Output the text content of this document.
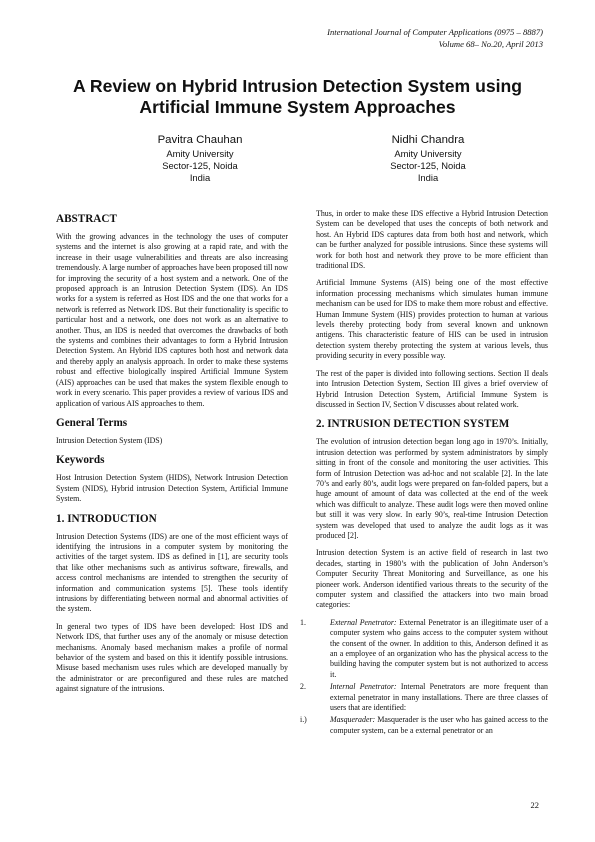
International Journal of Computer Applications (0975 – 8887)
Volume 68– No.20, April 2013
A Review on Hybrid Intrusion Detection System using Artificial Immune System Approaches
Pavitra Chauhan
Amity University
Sector-125, Noida
India
Nidhi Chandra
Amity University
Sector-125, Noida
India
ABSTRACT

With the growing advances in the technology the uses of computer systems and the internet is also growing at a rapid rate, and with the increase in their usage vulnerabilities and threats are also increasing tremendously. A large number of approaches have been proposed till now for improving the security of a host system and a network. One of the proposed approach is an Intrusion Detection System (IDS). An IDS works for a system is referred as Host IDS and the one that works for a network is referred as Network IDS. But their functionality is specific to particular host and a network, one does not work as an alternative to another. Thus, an IDS is needed that overcomes the drawbacks of both the systems and combines their advantages to form a Hybrid Intrusion Detection System. An Hybrid IDS captures both host and network data and thereby apply an analysis approach. In order to make these systems robust and effective biologically inspired Artificial Immune System (AIS) approaches can be used that makes the system flexible enough to work in every scenario. This paper provides a review of various IDS and application of various AIS approaches to them.

General Terms

Intrusion Detection System (IDS)

Keywords

Host Intrusion Detection System (HIDS), Network Intrusion Detection System (NIDS), Hybrid intrusion Detection System, Artificial Immune System.

1. INTRODUCTION

Intrusion Detection Systems (IDS) are one of the most efficient ways of identifying the intrusions in a computer system by monitoring the activities of the target system. IDS as defined in [1], are security tools that like other mechanisms such as antivirus software, firewalls, and access control mechanisms are intended to strengthen the security of information and communication systems [5]. These tools identify intrusions by differentiating between normal and abnormal activities of the system.

In general two types of IDS have been developed: Host IDS and Network IDS, that further uses any of the anomaly or misuse detection mechanisms. Anomaly based mechanism makes a profile of normal behavior of the system and based on this it identify possible intrusions. Misuse based mechanism uses rules which are developed manually by the administrator or are preconfigured and these rules are matched against signature of the intrusions.

Thus, in order to make these IDS effective a Hybrid Intrusion Detection System can be developed that uses the concepts of both network and host. An Hybrid IDS captures data from both host and network, which can be further analyzed for possible intrusions. Since these systems will work for both host and network they prove to be more efficient than traditional IDS.

Artificial Immune Systems (AIS) being one of the most effective information processing mechanisms which simulates human immune mechanism can be used for IDS to make them more robust and effective. Human Immune System (HIS) provides protection to human at various levels thereby protecting body from several known and unknown antigens. This characteristic feature of HIS can be used in intrusion detection system thereby protecting the system at various levels, thus providing security in every possible way.

The rest of the paper is divided into following sections. Section II deals into Intrusion Detection System, Section III gives a brief overview of Hybrid Intrusion Detection System, Artificial Immune System is discussed in Section IV, Section V discusses about related work.

2. INTRUSION DETECTION SYSTEM

The evolution of intrusion detection began long ago in 1970’s. Initially, intrusion detection was performed by system administrators by simply sitting in front of the console and monitoring the user activities. This form of Intrusion Detection was ad-hoc and not scalable [2]. In the late 70’s and early 80’s, audit logs were prepared on fan-folded papers, but a huge amount of amount of data was collected at the end of the week which was difficult to analyze. These audit logs were then moved online but still it was very slow. In early 90’s, real-time Intrusion Detection system was developed that used to analyze the audit logs as it was produced [2].

Intrusion detection System is an active field of research in last two decades, starting in 1980’s with the publication of John Anderson’s Computer Security Threat Monitoring and Surveillance, as one his pioneer work. Anderson identified various threats to the security of the computer system and classified the attackers into two main broad categories:

1.	External Penetrator: External Penetrator is an illegitimate user of a computer system who gains access to the computer system without the consent of the owner. In addition to this, Anderson defined it as an a employee of an organization who has the physical access to the building having the computer system but is not authorized to access it.
2.	Internal Penetrator: Internal Penetrators are more frequent than external penetrator in many installations. There are three classes of users that are identified:
i.)	Masquerader: Masquerader is the user who has gained access to the computer system, can be a external penetrator or an
22
